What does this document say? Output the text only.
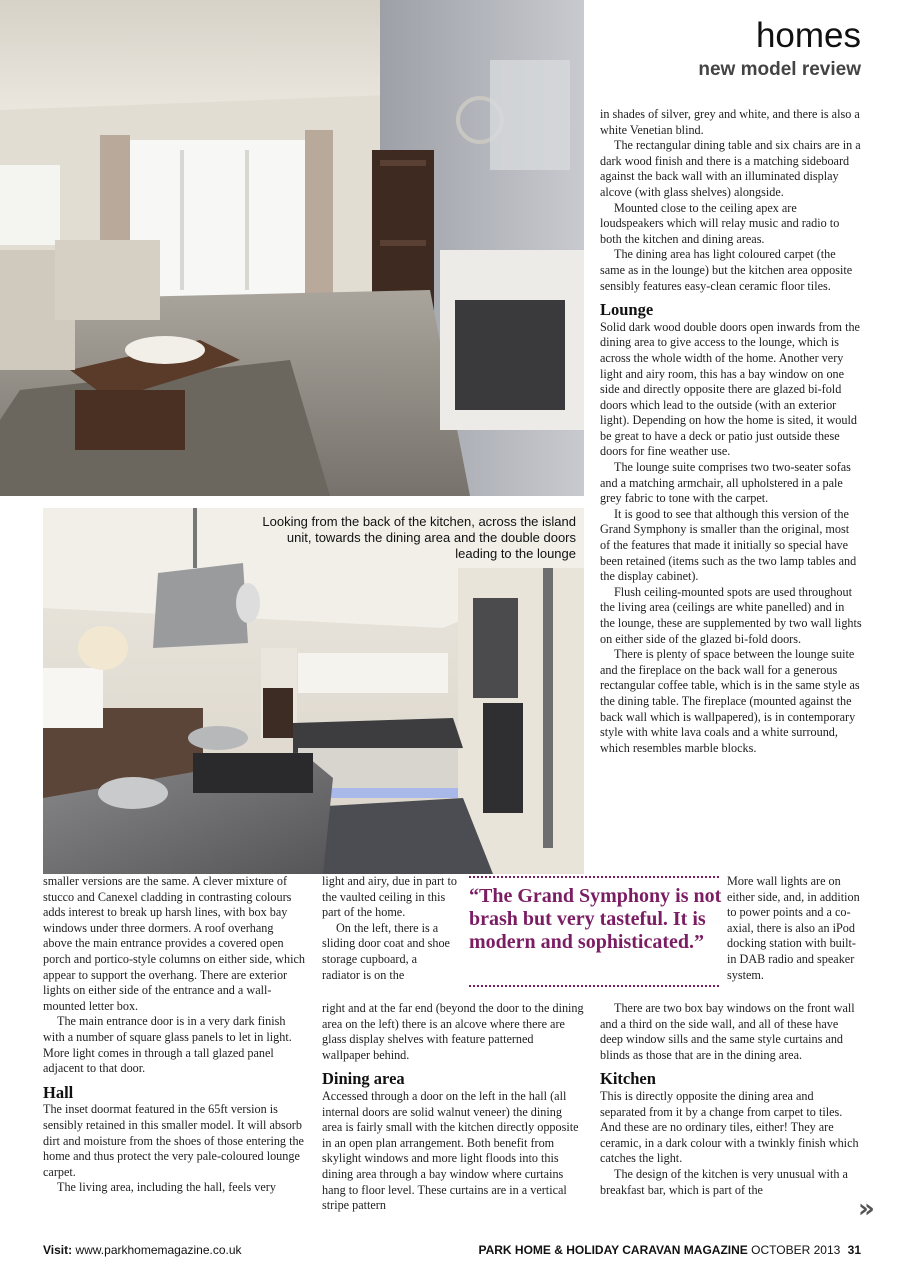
homes
new model review
Looking from the back of the kitchen, across the island unit, towards the dining area and the double doors leading to the lounge

in shades of silver, grey and white, and there is also a white Venetian blind.

The rectangular dining table and six chairs are in a dark wood finish and there is a matching sideboard against the back wall with an illuminated display alcove (with glass shelves) alongside.

Mounted close to the ceiling apex are loudspeakers which will relay music and radio to both the kitchen and dining areas.

The dining area has light coloured carpet (the same as in the lounge) but the kitchen area opposite sensibly features easy-clean ceramic floor tiles.

Lounge

Solid dark wood double doors open inwards from the dining area to give access to the lounge, which is across the whole width of the home. Another very light and airy room, this has a bay window on one side and directly opposite there are glazed bi-fold doors which lead to the outside (with an exterior light). Depending on how the home is sited, it would be great to have a deck or patio just outside these doors for fine weather use.

The lounge suite comprises two two-seater sofas and a matching armchair, all upholstered in a pale grey fabric to tone with the carpet.

It is good to see that although this version of the Grand Symphony is smaller than the original, most of the features that made it initially so special have been retained (items such as the two lamp tables and the display cabinet).

Flush ceiling-mounted spots are used throughout the living area (ceilings are white panelled) and in the lounge, these are supplemented by two wall lights on either side of the glazed bi-fold doors.

There is plenty of space between the lounge suite and the fireplace on the back wall for a generous rectangular coffee table, which is in the same style as the dining table. The fireplace (mounted against the back wall which is wallpapered), is in contemporary style with white lava coals and a white surround, which resembles marble blocks.

More wall lights are on either side, and, in addition to power points and a co-axial, there is also an iPod docking station with built-in DAB radio and speaker system.

There are two box bay windows on the front wall and a third on the side wall, and all of these have deep window sills and the same style curtains and blinds as those that are in the dining area.

Kitchen

This is directly opposite the dining area and separated from it by a change from carpet to tiles. And these are no ordinary tiles, either! They are ceramic, in a dark colour with a twinkly finish which catches the light.

The design of the kitchen is very unusual with a breakfast bar, which is part of the

smaller versions are the same. A clever mixture of stucco and Canexel cladding in contrasting colours adds interest to break up harsh lines, with box bay windows under three dormers. A roof overhang above the main entrance provides a covered open porch and portico-style columns on either side, which appear to support the overhang. There are exterior lights on either side of the entrance and a wall-mounted letter box.

The main entrance door is in a very dark finish with a number of square glass panels to let in light. More light comes in through a tall glazed panel adjacent to that door.

Hall

The inset doormat featured in the 65ft version is sensibly retained in this smaller model. It will absorb dirt and moisture from the shoes of those entering the home and thus protect the very pale-coloured lounge carpet.

The living area, including the hall, feels very

light and airy, due in part to the vaulted ceiling in this part of the home.

On the left, there is a sliding door coat and shoe storage cupboard, a radiator is on the

right and at the far end (beyond the door to the dining area on the left) there is an alcove where there are glass display shelves with feature patterned wallpaper behind.

Dining area

Accessed through a door on the left in the hall (all internal doors are solid walnut veneer) the dining area is fairly small with the kitchen directly opposite in an open plan arrangement. Both benefit from skylight windows and more light floods into this dining area through a bay window where curtains hang to floor level. These curtains are in a vertical stripe pattern

“The Grand Symphony is not brash but very tasteful. It is modern and sophisticated.”
»
Visit: www.parkhomemagazine.co.uk	PARK HOME & HOLIDAY CARAVAN MAGAZINE OCTOBER 2013 31
